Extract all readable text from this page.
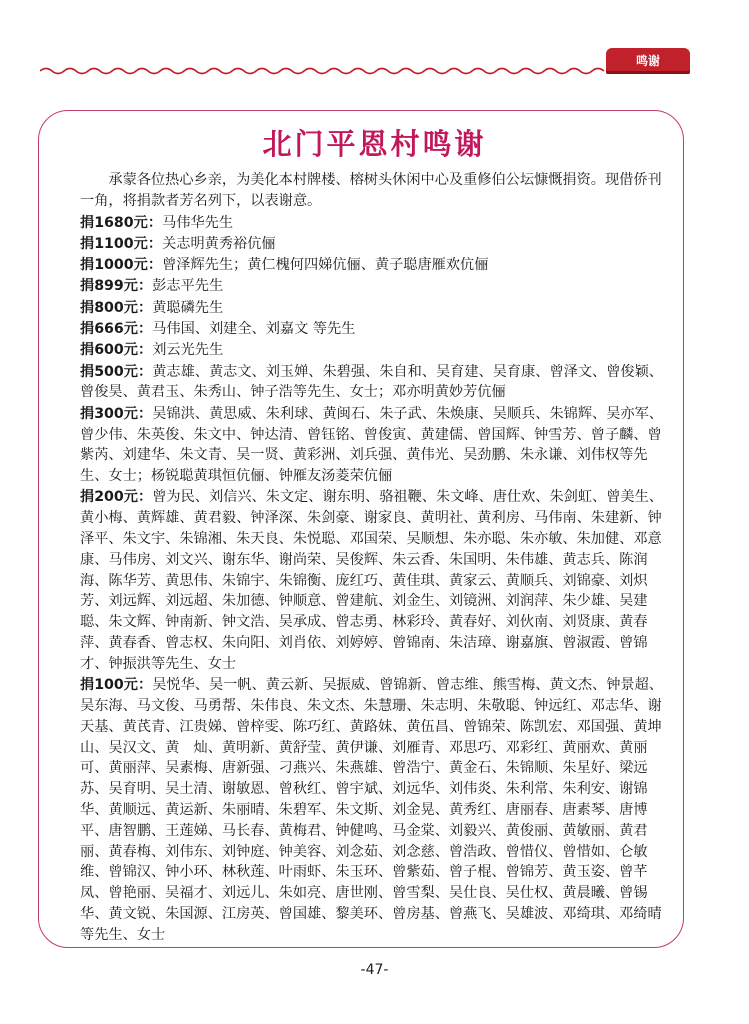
鸣谢
北门平恩村鸣谢

承蒙各位热心乡亲，为美化本村牌楼、榕树头休闲中心及重修伯公坛慷慨捐资。现借侨刊一角，将捐款者芳名列下，以表谢意。

捐1680元：马伟华先生
捐1100元：关志明黄秀裕伉俪
捐1000元：曾泽辉先生；黄仁槐何四娣伉俪、黄子聪唐雁欢伉俪
捐899元：彭志平先生
捐800元：黄聪磷先生
捐666元：马伟国、刘建全、刘嘉文 等先生
捐600元：刘云光先生
捐500元：黄志雄、黄志文、刘玉婵、朱碧强、朱自和、吴育建、吴育康、曾泽文、曾俊颖、曾俊昊、黄君玉、朱秀山、钟子浩等先生、女士；邓亦明黄妙芳伉俪
捐300元：吴锦洪、黄思威、朱利球、黄闽石、朱子武、朱焕康、吴顺兵、朱锦辉、吴亦军、曾少伟、朱英俊、朱文中、钟达清、曾钰铭、曾俊寅、黄建儒、曾国辉、钟雪芳、曾子麟、曾紫芮、刘建华、朱文青、吴一贤、黄彩洲、刘兵强、黄伟光、吴劲鹏、朱永谦、刘伟权等先生、女士；杨锐聪黄琪恒伉俪、钟雁友汤菱荣伉俪
捐200元：曾为民、刘信兴、朱文定、谢东明、骆祖鞭、朱文峰、唐仕欢、朱剑虹、曾美生、黄小梅、黄辉雄、黄君毅、钟泽深、朱剑豪、谢家良、黄明社、黄利房、马伟南、朱建新、钟泽平、朱文宇、朱锦湘、朱天良、朱悦聪、邓国荣、吴顺想、朱亦聪、朱亦敏、朱加健、邓意康、马伟房、刘文兴、谢东华、谢尚荣、吴俊辉、朱云香、朱国明、朱伟雄、黄志兵、陈润海、陈华芳、黄思伟、朱锦宇、朱锦衡、庞红巧、黄佳琪、黄家云、黄顺兵、刘锦豪、刘炽芳、刘远辉、刘远超、朱加德、钟顺意、曾建航、刘金生、刘镜洲、刘润萍、朱少雄、吴建聪、朱文辉、钟南新、钟文浩、吴承成、曾志勇、林彩玲、黄春好、刘伙南、刘贤康、黄春萍、黄春香、曾志权、朱向阳、刘肖依、刘婷婷、曾锦南、朱洁璋、谢嘉旗、曾淑霞、曾锦才、钟振洪等先生、女士
捐100元：吴悦华、吴一帆、黄云新、吴振威、曾锦新、曾志维、熊雪梅、黄文杰、钟景超、吴东海、马文俊、马勇帮、朱伟良、朱文杰、朱慧珊、朱志明、朱敬聪、钟远红、邓志华、谢天基、黄芪青、江贵娣、曾梓雯、陈巧红、黄路妹、黄伍昌、曾锦荣、陈凯宏、邓国强、黄坤山、吴汉文、黄　灿、黄明新、黄舒莹、黄伊谦、刘雁青、邓思巧、邓彩红、黄丽欢、黄丽可、黄丽萍、吴素梅、唐新强、刁燕兴、朱燕雄、曾浩宁、黄金石、朱锦顺、朱星好、梁远苏、吴育明、吴土清、谢敏恩、曾秋红、曾宇斌、刘远华、刘伟炎、朱利常、朱利安、谢锦华、黄顺远、黄运新、朱丽晴、朱碧军、朱文斯、刘金晃、黄秀红、唐丽春、唐素琴、唐博平、唐智鹏、王莲娣、马长春、黄梅君、钟健鸣、马金棠、刘毅兴、黄俊丽、黄敏丽、黄君丽、黄春梅、刘伟东、刘钟庭、钟美容、刘念茹、刘念慈、曾浩政、曾惜仪、曾惜如、仑敏维、曾锦汉、钟小环、林秋莲、叶雨虾、朱玉环、曾紫茹、曾子棍、曾锦芳、黄玉姿、曾芊凤、曾艳丽、吴福才、刘远儿、朱如亮、唐世刚、曾雪梨、吴仕良、吴仕权、黄晨曦、曾锡华、黄文锐、朱国源、江房英、曾国雄、黎美环、曾房基、曾燕飞、吴雄波、邓绮琪、邓绮晴等先生、女士
-47-
